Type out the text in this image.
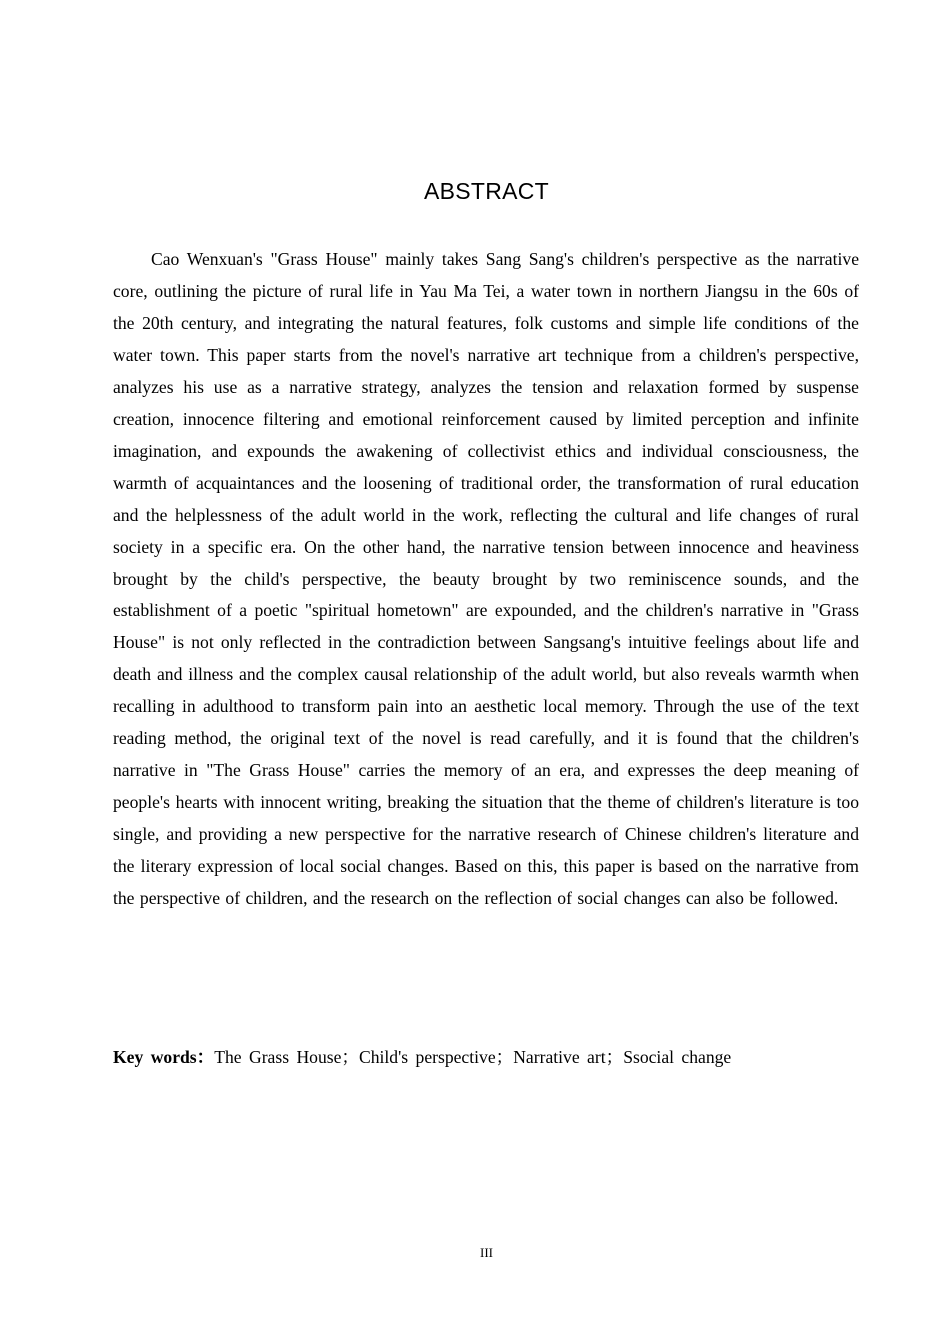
ABSTRACT

Cao Wenxuan's "Grass House" mainly takes Sang Sang's children's perspective as the narrative core, outlining the picture of rural life in Yau Ma Tei, a water town in northern Jiangsu in the 60s of the 20th century, and integrating the natural features, folk customs and simple life conditions of the water town. This paper starts from the novel's narrative art technique from a children's perspective, analyzes his use as a narrative strategy, analyzes the tension and relaxation formed by suspense creation, innocence filtering and emotional reinforcement caused by limited perception and infinite imagination, and expounds the awakening of collectivist ethics and individual consciousness, the warmth of acquaintances and the loosening of traditional order, the transformation of rural education and the helplessness of the adult world in the work, reflecting the cultural and life changes of rural society in a specific era. On the other hand, the narrative tension between innocence and heaviness brought by the child's perspective, the beauty brought by two reminiscence sounds, and the establishment of a poetic "spiritual hometown" are expounded, and the children's narrative in "Grass House" is not only reflected in the contradiction between Sangsang's intuitive feelings about life and death and illness and the complex causal relationship of the adult world, but also reveals warmth when recalling in adulthood to transform pain into an aesthetic local memory. Through the use of the text reading method, the original text of the novel is read carefully, and it is found that the children's narrative in "The Grass House" carries the memory of an era, and expresses the deep meaning of people's hearts with innocent writing, breaking the situation that the theme of children's literature is too single, and providing a new perspective for the narrative research of Chinese children's literature and the literary expression of local social changes. Based on this, this paper is based on the narrative from the perspective of children, and the research on the reflection of social changes can also be followed.

Key words：The Grass House；Child's perspective；Narrative art；Ssocial change
III
